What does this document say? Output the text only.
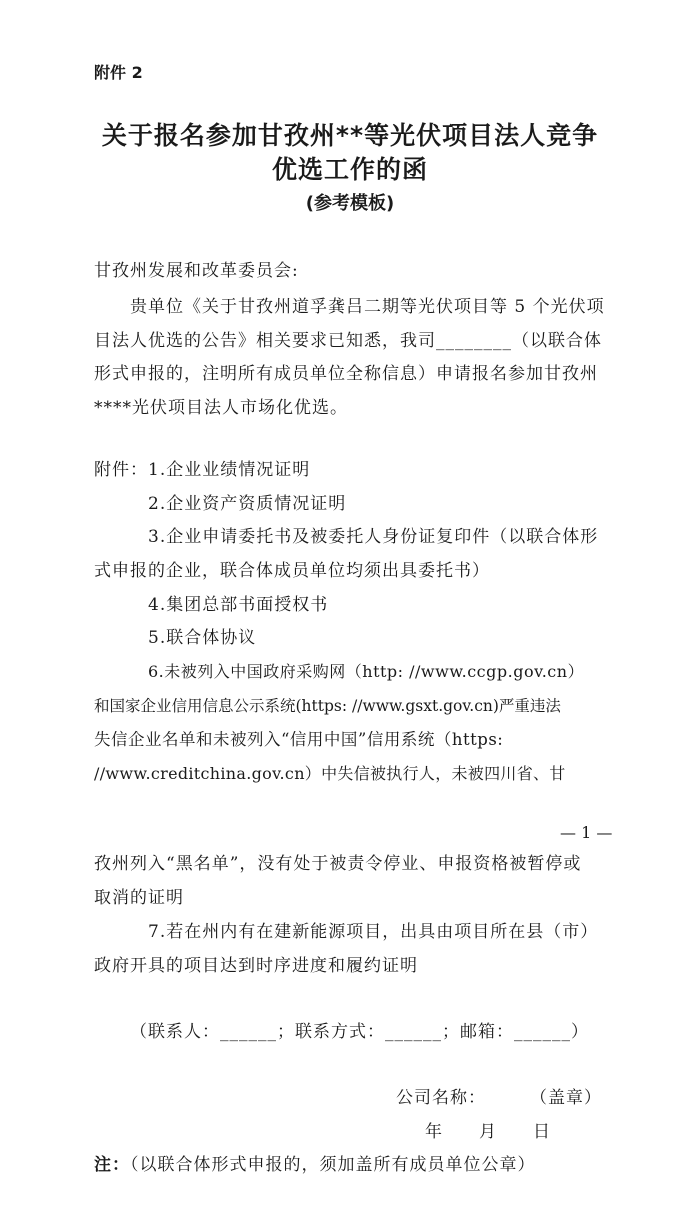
附件 2
关于报名参加甘孜州**等光伏项目法人竞争
优选工作的函
(参考模板)
甘孜州发展和改革委员会:
贵单位《关于甘孜州道孚龚吕二期等光伏项目等 5 个光伏项
目法人优选的公告》相关要求已知悉，我司________（以联合体
形式申报的，注明所有成员单位全称信息）申请报名参加甘孜州
****光伏项目法人市场化优选。
附件：1.企业业绩情况证明
2.企业资产资质情况证明
3.企业申请委托书及被委托人身份证复印件（以联合体形
式申报的企业，联合体成员单位均须出具委托书）
4.集团总部书面授权书
5.联合体协议
6.未被列入中国政府采购网（http: //www.ccgp.gov.cn）
和国家企业信用信息公示系统(https: //www.gsxt.gov.cn)严重违法
失信企业名单和未被列入“信用中国”信用系统（https:
//www.creditchina.gov.cn）中失信被执行人，未被四川省、甘
— 1 —
孜州列入“黑名单”，没有处于被责令停业、申报资格被暂停或
取消的证明
7.若在州内有在建新能源项目，出具由项目所在县（市）
政府开具的项目达到时序进度和履约证明
（联系人：______；联系方式：______；邮箱：______）
公司名称：	（盖章）
年　　月　　日
注：（以联合体形式申报的，须加盖所有成员单位公章）
